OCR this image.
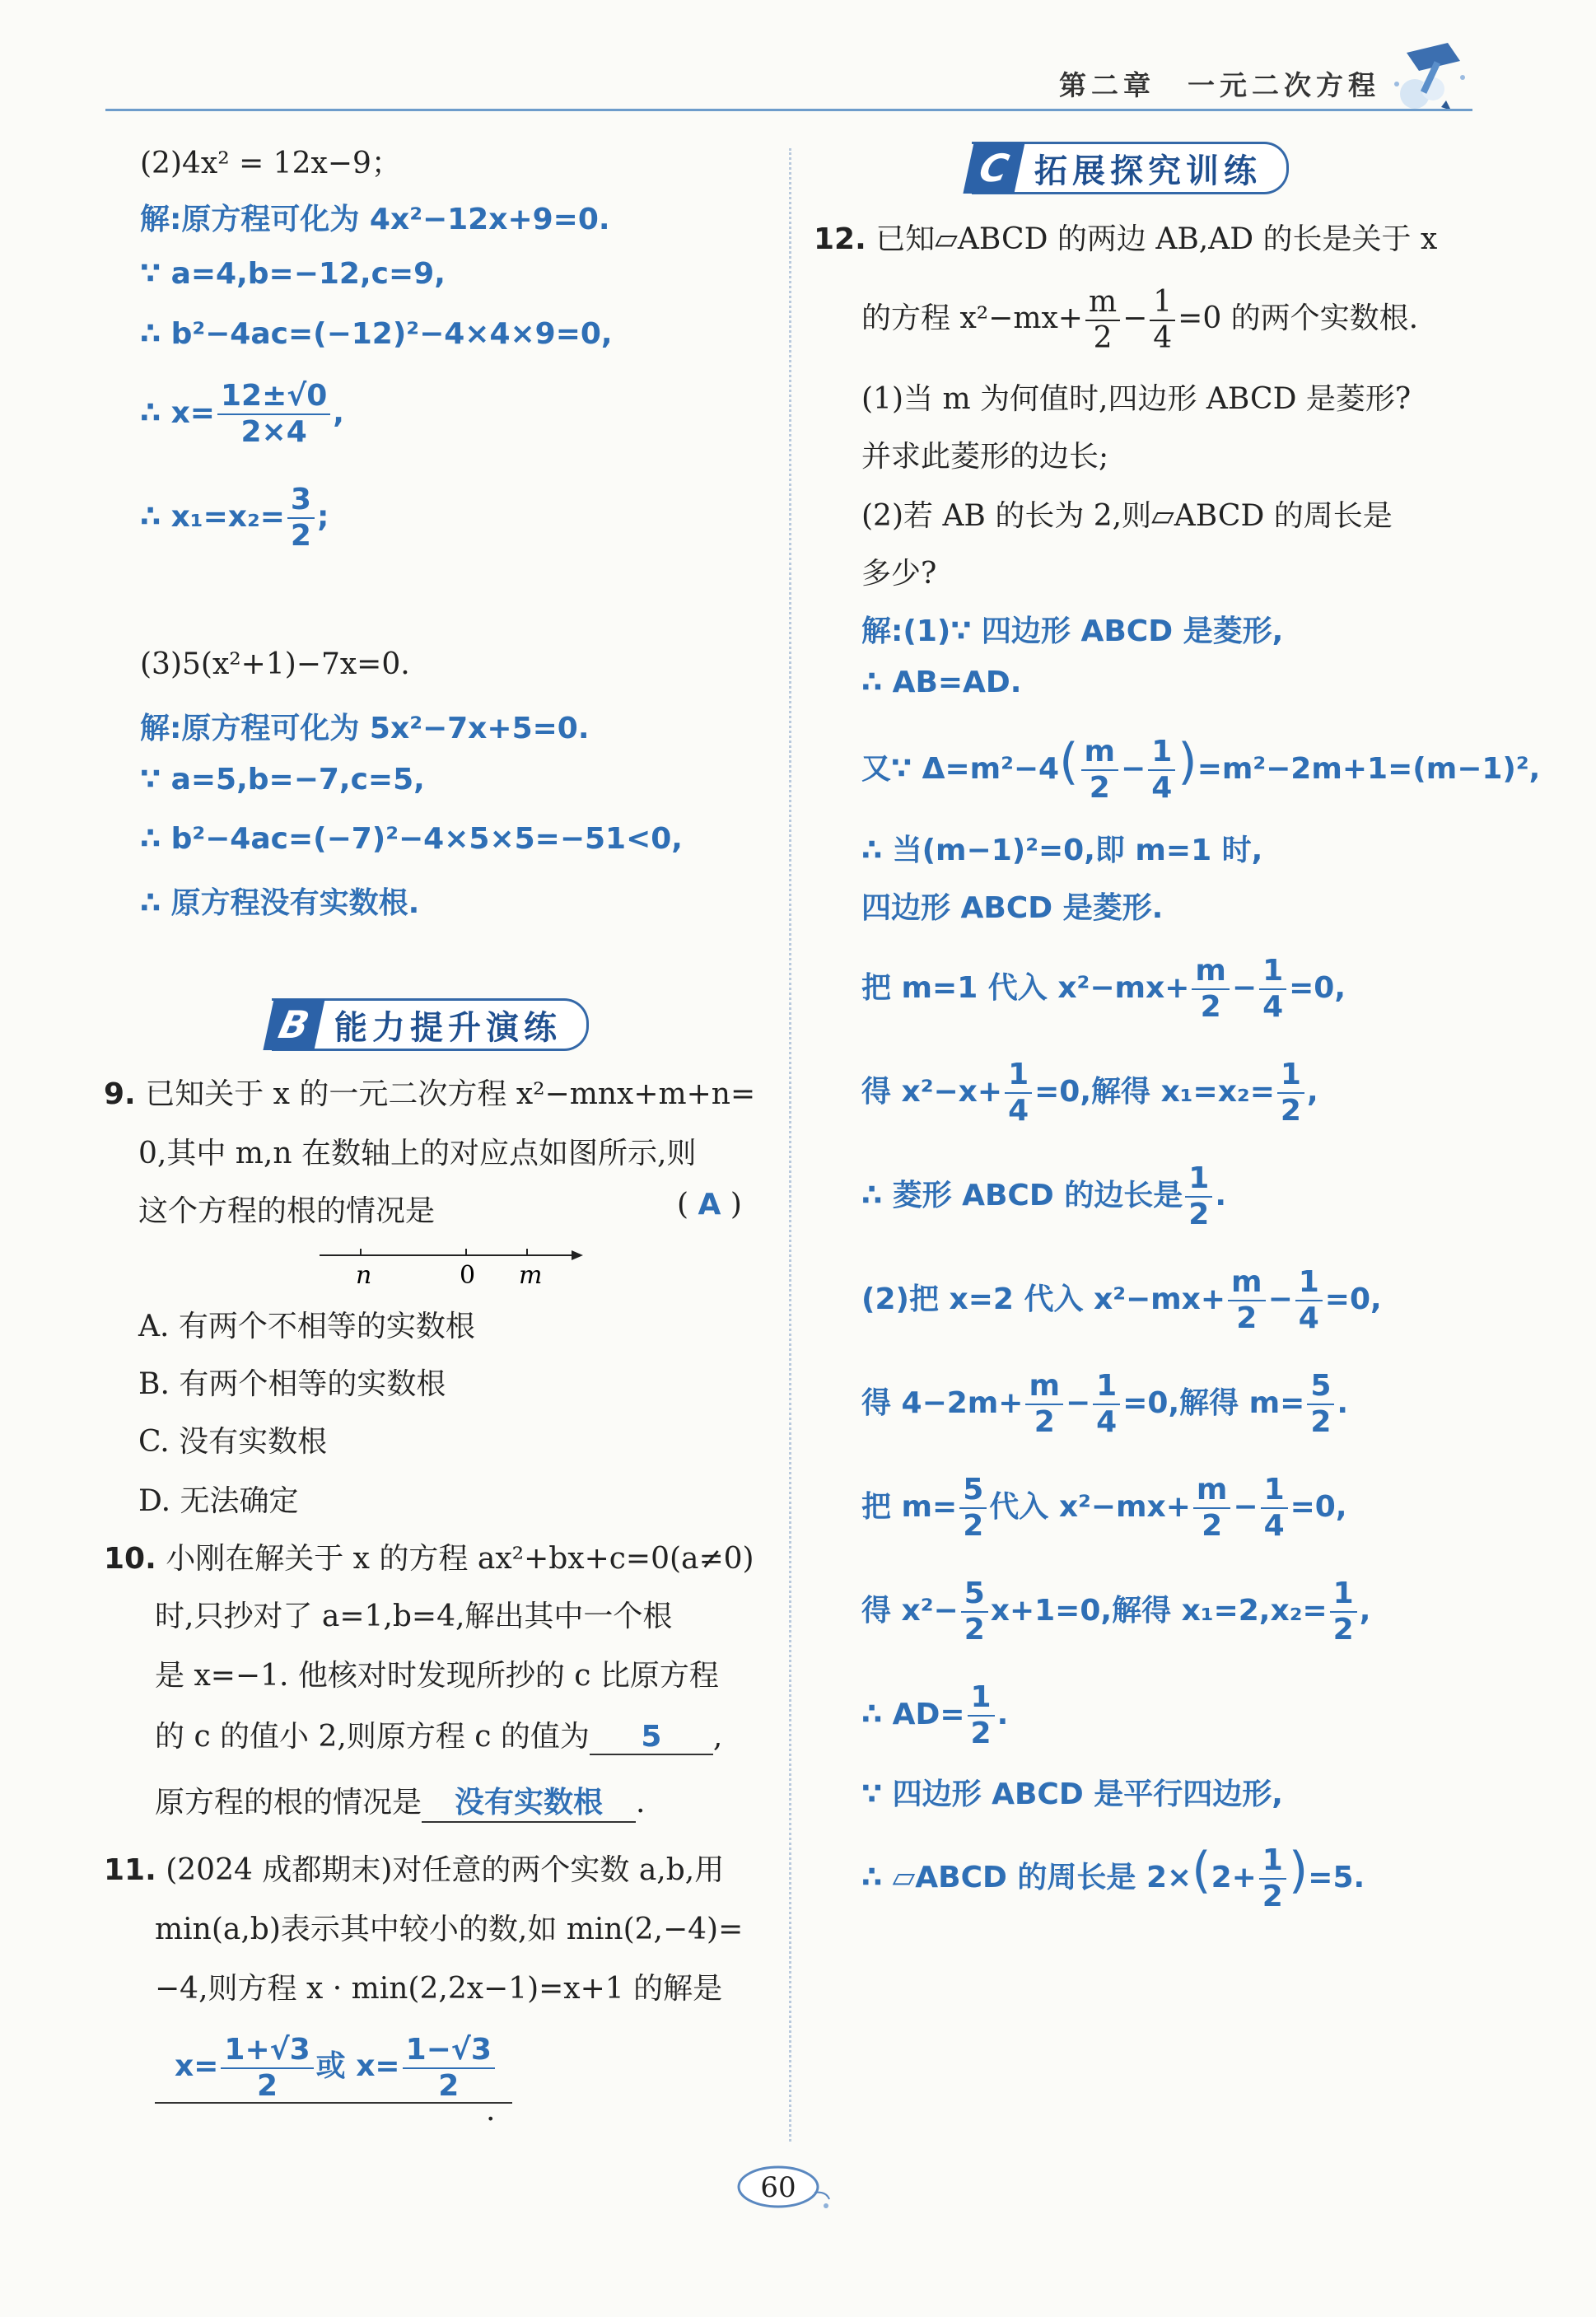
第二章　一元二次方程
(2)4x² = 12x−9；
解:原方程可化为 4x²−12x+9=0.
∵ a=4,b=−12,c=9,
∴ b²−4ac=(−12)²−4×4×9=0,
∴ $x= \frac{12\pm√0}{2\times 4}$ ,
∴ $x_1=x_2= \frac{3}{2}$ ;
(3)5(x²+1)−7x=0.
解:原方程可化为 5x²−7x+5=0.
∵ a=5,b=−7,c=5,
∴ b²−4ac=(−7)²−4×5×5=−51<0,
∴ 原方程没有实数根.
B 能力提升演练
9. 已知关于 x 的一元二次方程 x²−mnx+m+n=
0,其中 m,n 在数轴上的对应点如图所示,则
这个方程的根的情况是	( A )
n	0 m
A. 有两个不相等的实数根
B. 有两个相等的实数根
C. 没有实数根
D. 无法确定
10. 小刚在解关于 x 的方程 ax²+bx+c=0(a≠0)
时,只抄对了 a=1,b=4,解出其中一个根
是 x=−1. 他核对时发现所抄的 c 比原方程
的 c 的值小 2,则原方程 c 的值为 5 ,
原方程的根的情况是 没有实数根 .
11. (2024 成都期末)对任意的两个实数 a,b,用
min(a,b)表示其中较小的数,如 min(2,−4)=
−4,则方程 x · min(2,2x−1)=x+1 的解是
$x= \frac{1+√3}{2}$ 或 $x= \frac{1-√3}{2}$
.
C 拓展探究训练
12. 已知▱ABCD 的两边 AB,AD 的长是关于 x
的方程 $x^2-mx+ \frac{m}{2} - \frac{1}{4} =0$ 的两个实数根.
(1)当 m 为何值时,四边形 ABCD 是菱形?
并求此菱形的边长;
(2)若 AB 的长为 2,则▱ABCD 的周长是
多少?
解:(1)∵ 四边形 ABCD 是菱形,
∴ AB=AD.
又∵ $\Delta=m^2-4( \frac{m}{2} - \frac{1}{4} )=m^2-2m+1=(m-1)^2$,
∴ 当(m−1)²=0,即 m=1 时,
四边形 ABCD 是菱形.
把 m=1 代入 $x^2-mx+ \frac{m}{2} - \frac{1}{4} =0$,
得 $x^2-x+ \frac{1}{4} =0$,解得 $x_1=x_2= \frac{1}{2}$ ,
∴ 菱形 ABCD 的边长是 $\frac{1}{2}$ .
(2)把 x=2 代入 $x^2-mx+ \frac{m}{2} - \frac{1}{4} =0$,
得 $4-2m+ \frac{m}{2} - \frac{1}{4} =0$,解得 $m= \frac{5}{2}$ .
把 $m= \frac{5}{2}$ 代入 $x^2-mx+ \frac{m}{2} - \frac{1}{4} =0$,
得 $x^2- \frac{5}{2} x+1=0$,解得 $x_1=2,x_2= \frac{1}{2}$ ,
∴ $AD= \frac{1}{2}$ .
∵ 四边形 ABCD 是平行四边形,
∴ ▱ABCD 的周长是 $2\times(2+ \frac{1}{2} )=5$.
60
